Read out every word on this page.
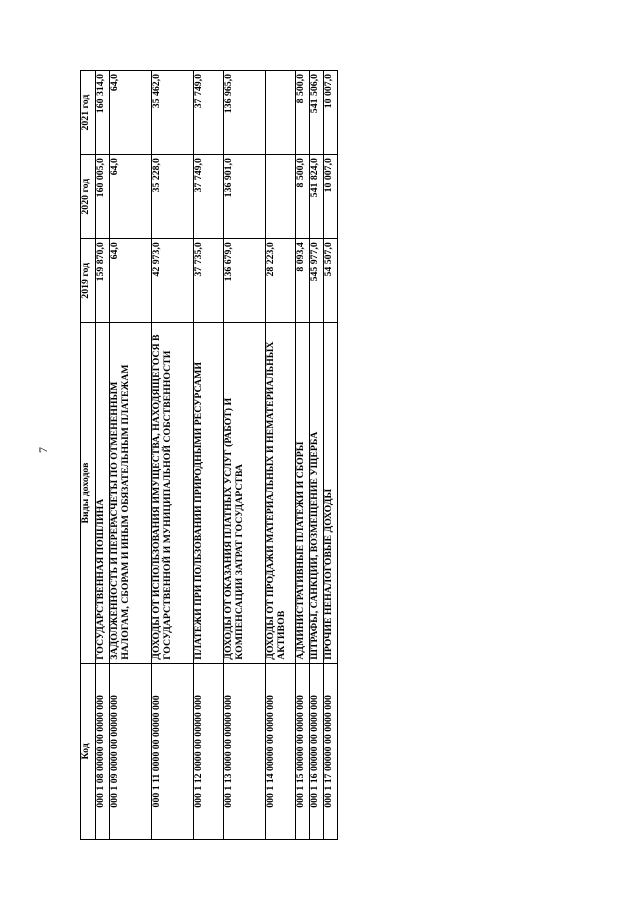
7
Код	Виды доходов	2019 год	2020 год	2021 год
000 1 08 00000 00 0000 000	ГОСУДАРСТВЕННАЯ ПОШЛИНА	159 870,0	160 005,0	160 314,0
000 1 09 0000 00 00000 000	ЗАДОЛЖЕННОСТЬ И ПЕРЕРАСЧЕТЫ ПО ОТМЕНЕННЫМ НАЛОГАМ, СБОРАМ И ИНЫМ ОБЯЗАТЕЛЬНЫМ ПЛАТЕЖАМ	64,0	64,0	64,0
000 1 11 0000 00 00000 000	ДОХОДЫ ОТ ИСПОЛЬЗОВАНИЯ ИМУЩЕСТВА, НАХОДЯЩЕГОСЯ В ГОСУДАРСТВЕННОЙ И МУНИЦИПАЛЬНОЙ СОБСТВЕННОСТИ	42 973,0	35 228,0	35 462,0
000 1 12 0000 00 00000 000	ПЛАТЕЖИ ПРИ ПОЛЬЗОВАНИИ ПРИРОДНЫМИ РЕСУРСАМИ	37 735,0	37 749,0	37 749,0
000 1 13 0000 00 00000 000	ДОХОДЫ ОТ ОКАЗАНИЯ ПЛАТНЫХ УСЛУГ (РАБОТ) И КОМПЕНСАЦИИ ЗАТРАТ ГОСУДАРСТВА	136 679,0	136 901,0	136 965,0
000 1 14 00000 00 0000 000	ДОХОДЫ ОТ ПРОДАЖИ МАТЕРИАЛЬНЫХ И НЕМАТЕРИАЛЬНЫХ АКТИВОВ	28 223,0		
000 1 15 00000 00 0000 000	АДМИНИСТРАТИВНЫЕ ПЛАТЕЖИ И СБОРЫ	8 093,4	8 500,0	8 500,0
000 1 16 00000 00 0000 000	ШТРАФЫ, САНКЦИИ, ВОЗМЕЩЕНИЕ УЩЕРБА	545 977,0	541 824,0	541 506,0
000 1 17 00000 00 0000 000	ПРОЧИЕ НЕНАЛОГОВЫЕ ДОХОДЫ	54 507,0	10 007,0	10 007,0
